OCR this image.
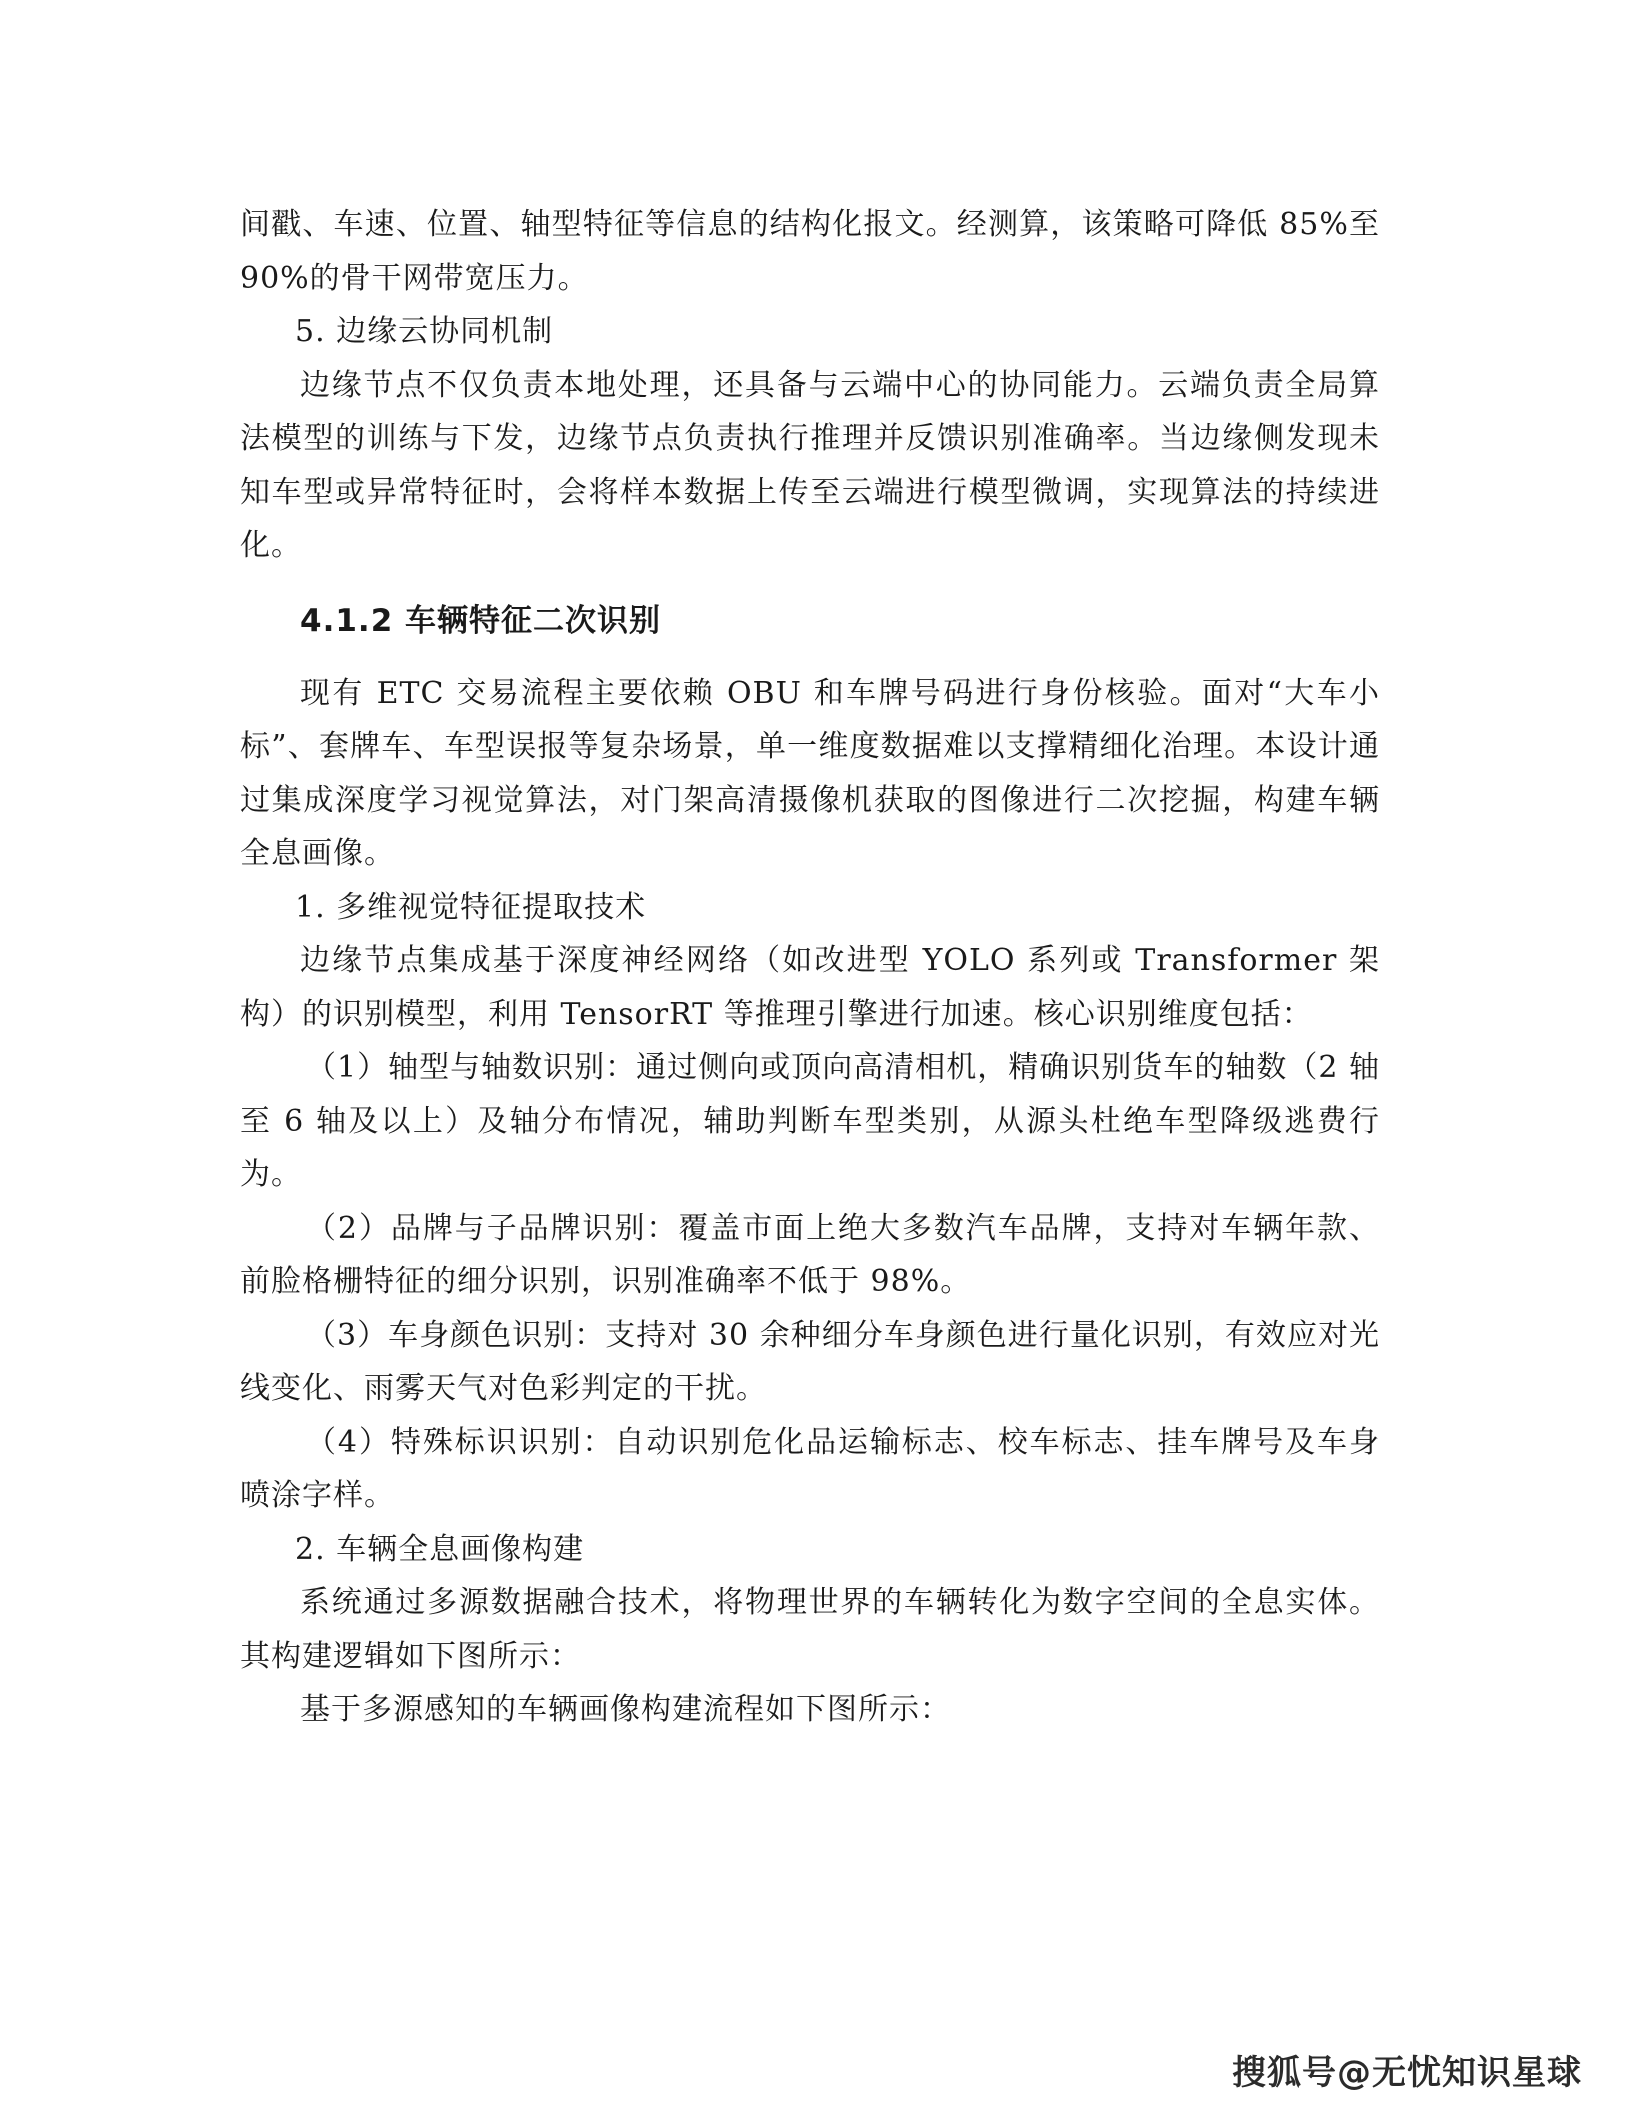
间戳、车速、位置、轴型特征等信息的结构化报文。经测算，该策略可降低 85%至 90%的骨干网带宽压力。

5. 边缘云协同机制

边缘节点不仅负责本地处理，还具备与云端中心的协同能力。云端负责全局算法模型的训练与下发，边缘节点负责执行推理并反馈识别准确率。当边缘侧发现未知车型或异常特征时，会将样本数据上传至云端进行模型微调，实现算法的持续进化。

4.1.2 车辆特征二次识别

现有 ETC 交易流程主要依赖 OBU 和车牌号码进行身份核验。面对“大车小标”、套牌车、车型误报等复杂场景，单一维度数据难以支撑精细化治理。本设计通过集成深度学习视觉算法，对门架高清摄像机获取的图像进行二次挖掘，构建车辆全息画像。

1. 多维视觉特征提取技术

边缘节点集成基于深度神经网络（如改进型 YOLO 系列或 Transformer 架构）的识别模型，利用 TensorRT 等推理引擎进行加速。核心识别维度包括：

（1）轴型与轴数识别：通过侧向或顶向高清相机，精确识别货车的轴数（2 轴至 6 轴及以上）及轴分布情况，辅助判断车型类别，从源头杜绝车型降级逃费行为。

（2）品牌与子品牌识别：覆盖市面上绝大多数汽车品牌，支持对车辆年款、前脸格栅特征的细分识别，识别准确率不低于 98%。

（3）车身颜色识别：支持对 30 余种细分车身颜色进行量化识别，有效应对光线变化、雨雾天气对色彩判定的干扰。

（4）特殊标识识别：自动识别危化品运输标志、校车标志、挂车牌号及车身喷涂字样。

2. 车辆全息画像构建

系统通过多源数据融合技术，将物理世界的车辆转化为数字空间的全息实体。其构建逻辑如下图所示：

基于多源感知的车辆画像构建流程如下图所示：

搜狐号@无忧知识星球
